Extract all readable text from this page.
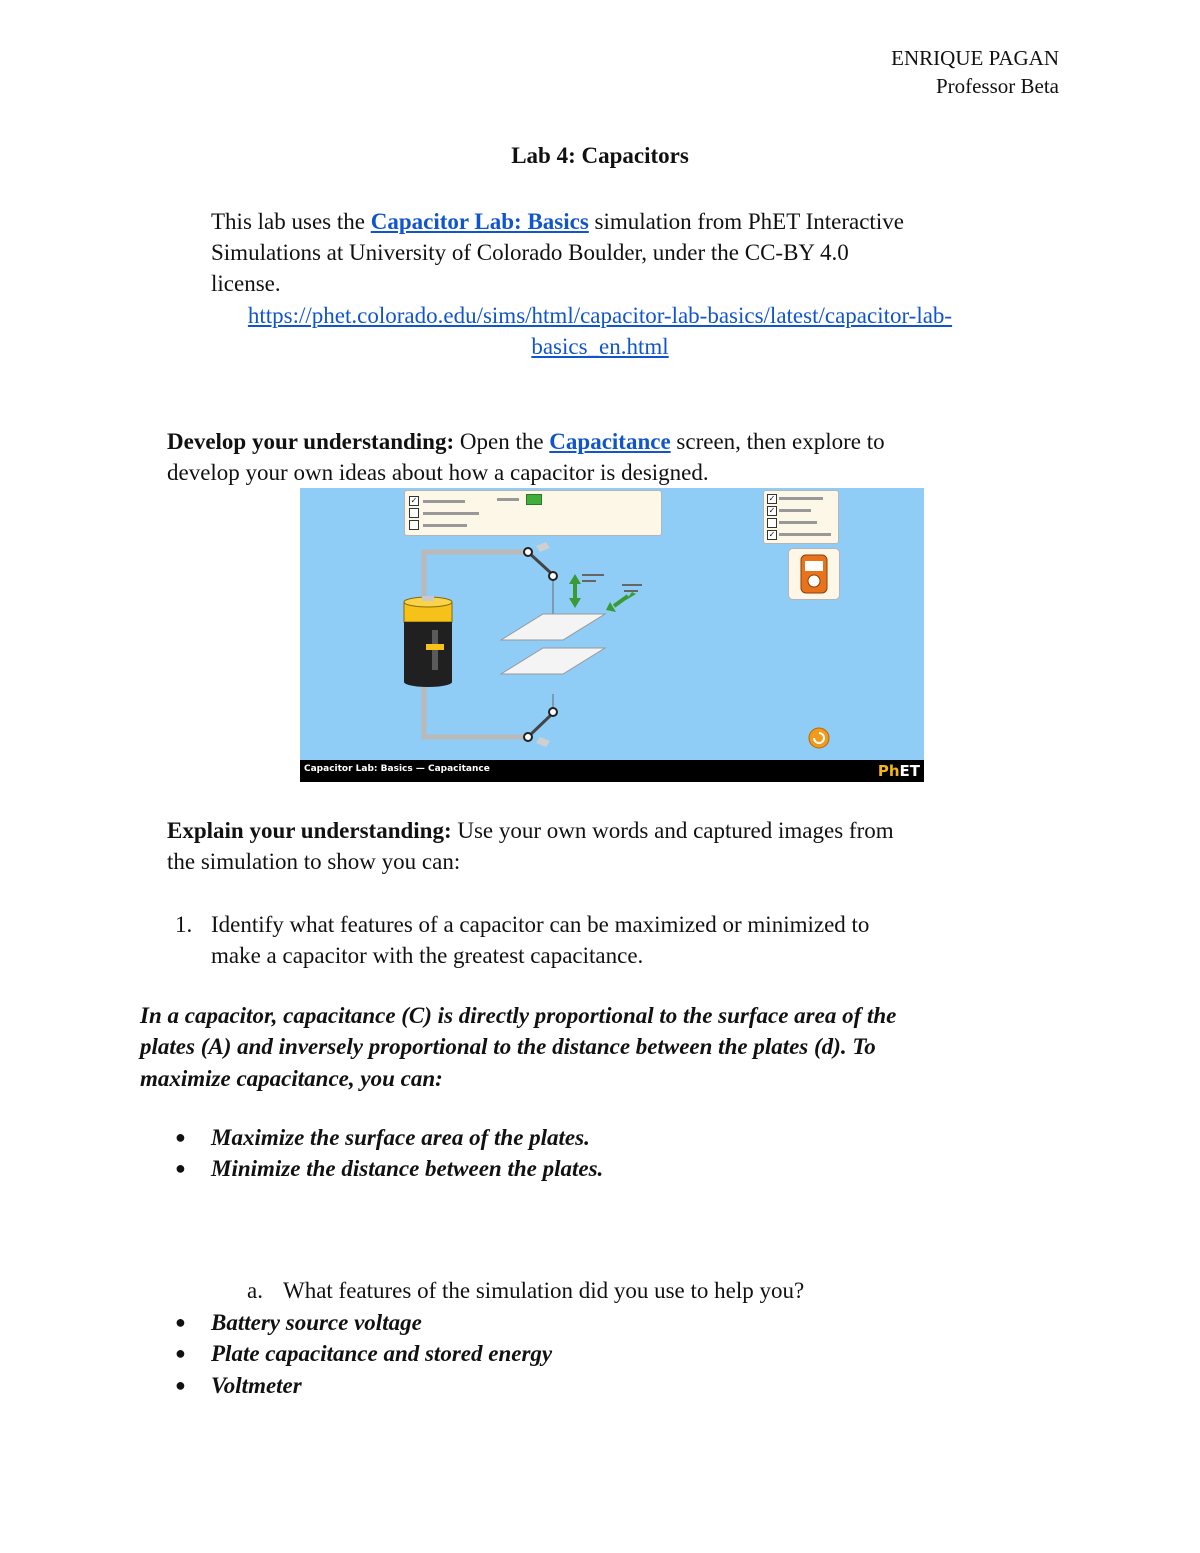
ENRIQUE PAGAN
Professor Beta
Lab 4: Capacitors
This lab uses the Capacitor Lab: Basics simulation from PhET Interactive
Simulations at University of Colorado Boulder, under the CC-BY 4.0
license.
https://phet.colorado.edu/sims/html/capacitor-lab-basics/latest/capacitor-lab-
basics_en.html
Develop your understanding: Open the Capacitance screen, then explore to
develop your own ideas about how a capacitor is designed.
✓	✓
✓
✓
Capacitor Lab: Basics — Capacitance	PhET
Explain your understanding: Use your own words and captured images from
the simulation to show you can:
1. Identify what features of a capacitor can be maximized or minimized to
make a capacitor with the greatest capacitance.
In a capacitor, capacitance (C) is directly proportional to the surface area of the
plates (A) and inversely proportional to the distance between the plates (d). To
maximize capacitance, you can:
● Maximize the surface area of the plates.
● Minimize the distance between the plates.
a. What features of the simulation did you use to help you?
● Battery source voltage
● Plate capacitance and stored energy
● Voltmeter
